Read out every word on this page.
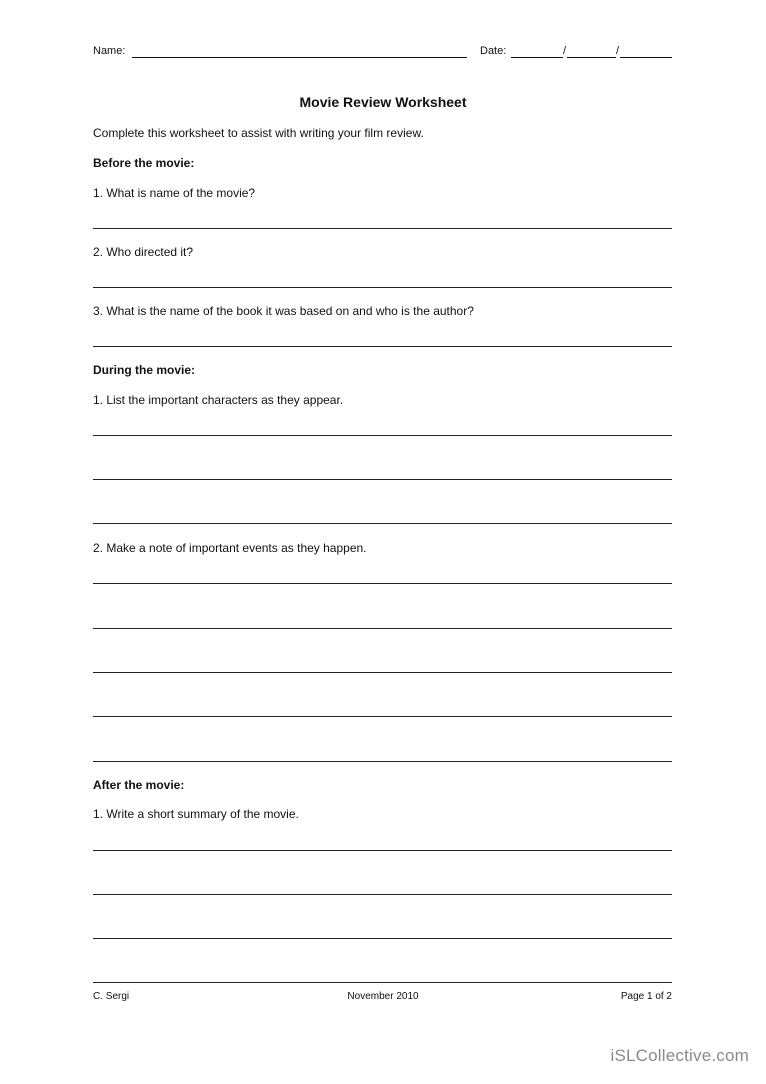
Name:	Date:	/	/
Movie Review Worksheet
Complete this worksheet to assist with writing your film review.
Before the movie:
1. What is name of the movie?
2. Who directed it?
3. What is the name of the book it was based on and who is the author?
During the movie:
1. List the important characters as they appear.
2. Make a note of important events as they happen.
After the movie:
1. Write a short summary of the movie.
C. Sergi	November 2010	Page 1 of 2
iSLCollective.com
